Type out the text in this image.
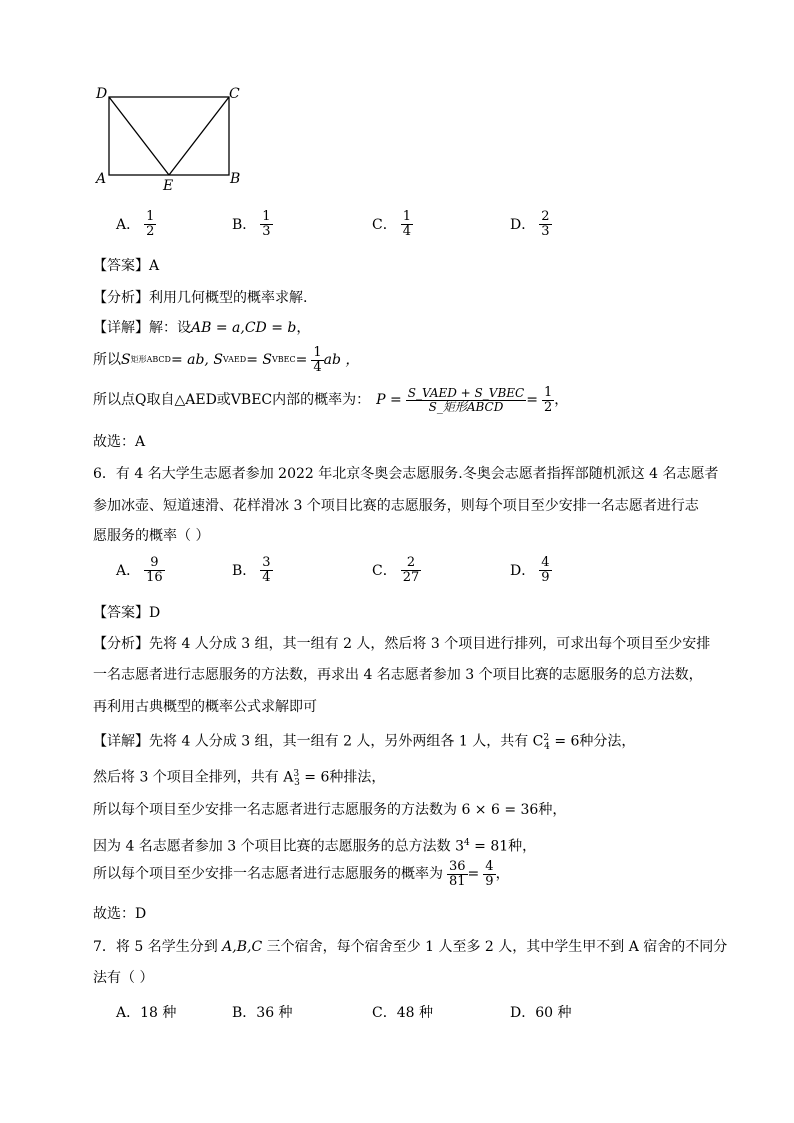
D	C
A	E	B
A． $\frac{1}{2}$	B． $\frac{1}{3}$	C． $\frac{1}{4}$	D． $\frac{2}{3}$
【答案】A
【分析】利用几何概型的概率求解.
【详解】解：设AB = a,CD = b，
所以 S 矩形ABCD = ab, S VAED = S VBEC = $\frac{1}{4}$ ab ，
所以点Q取自△AED或VBEC内部的概率为： $P = \frac{\text{S\_VAED + S\_VBEC}}{\text{S\_矩形ABCD}} = \frac{1}{2}$ ，
故选：A
6．有 4 名大学生志愿者参加 2022 年北京冬奥会志愿服务.冬奥会志愿者指挥部随机派这 4 名志愿者
参加冰壶、短道速滑、花样滑冰 3 个项目比赛的志愿服务，则每个项目至少安排一名志愿者进行志
愿服务的概率（ ）
A． $\frac{9}{16}$	B． $\frac{3}{4}$	C． $\frac{2}{27}$	D． $\frac{4}{9}$
【答案】D
【分析】先将 4 人分成 3 组，其一组有 2 人，然后将 3 个项目进行排列，可求出每个项目至少安排
一名志愿者进行志愿服务的方法数，再求出 4 名志愿者参加 3 个项目比赛的志愿服务的总方法数，
再利用古典概型的概率公式求解即可
【详解】先将 4 人分成 3 组，其一组有 2 人，另外两组各 1 人，共有 $C^2_4 = 6$种分法，
然后将 3 个项目全排列，共有 $A^3_3 = 6$种排法，
所以每个项目至少安排一名志愿者进行志愿服务的方法数为 6 × 6 = 36种，
因为 4 名志愿者参加 3 个项目比赛的志愿服务的总方法数 $3^4 = 81$种，
所以每个项目至少安排一名志愿者进行志愿服务的概率为 $\frac{36}{81} = \frac{4}{9}$ ，
故选：D
7．将 5 名学生分到 A,B,C 三个宿舍，每个宿舍至少 1 人至多 2 人，其中学生甲不到 A 宿舍的不同分
法有（ ）
A．18 种	B．36 种	C．48 种	D．60 种
